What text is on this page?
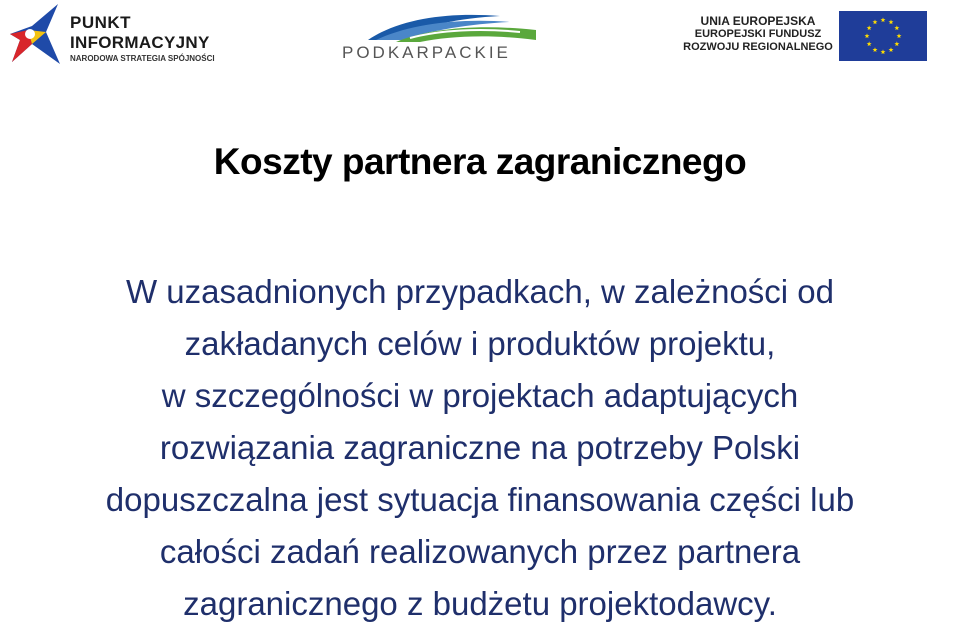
PUNKT
INFORMACYJNY
NARODOWA STRATEGIA SPÓJNOŚCI	PODKARPACKIE
UNIA EUROPEJSKA
EUROPEJSKI FUNDUSZ
ROZWOJU REGIONALNEGO
Koszty partnera zagranicznego
W uzasadnionych przypadkach, w zależności od
zakładanych celów i produktów projektu,
w szczególności w projektach adaptujących
rozwiązania zagraniczne na potrzeby Polski
dopuszczalna jest sytuacja finansowania części lub
całości zadań realizowanych przez partnera
zagranicznego z budżetu projektodawcy.
